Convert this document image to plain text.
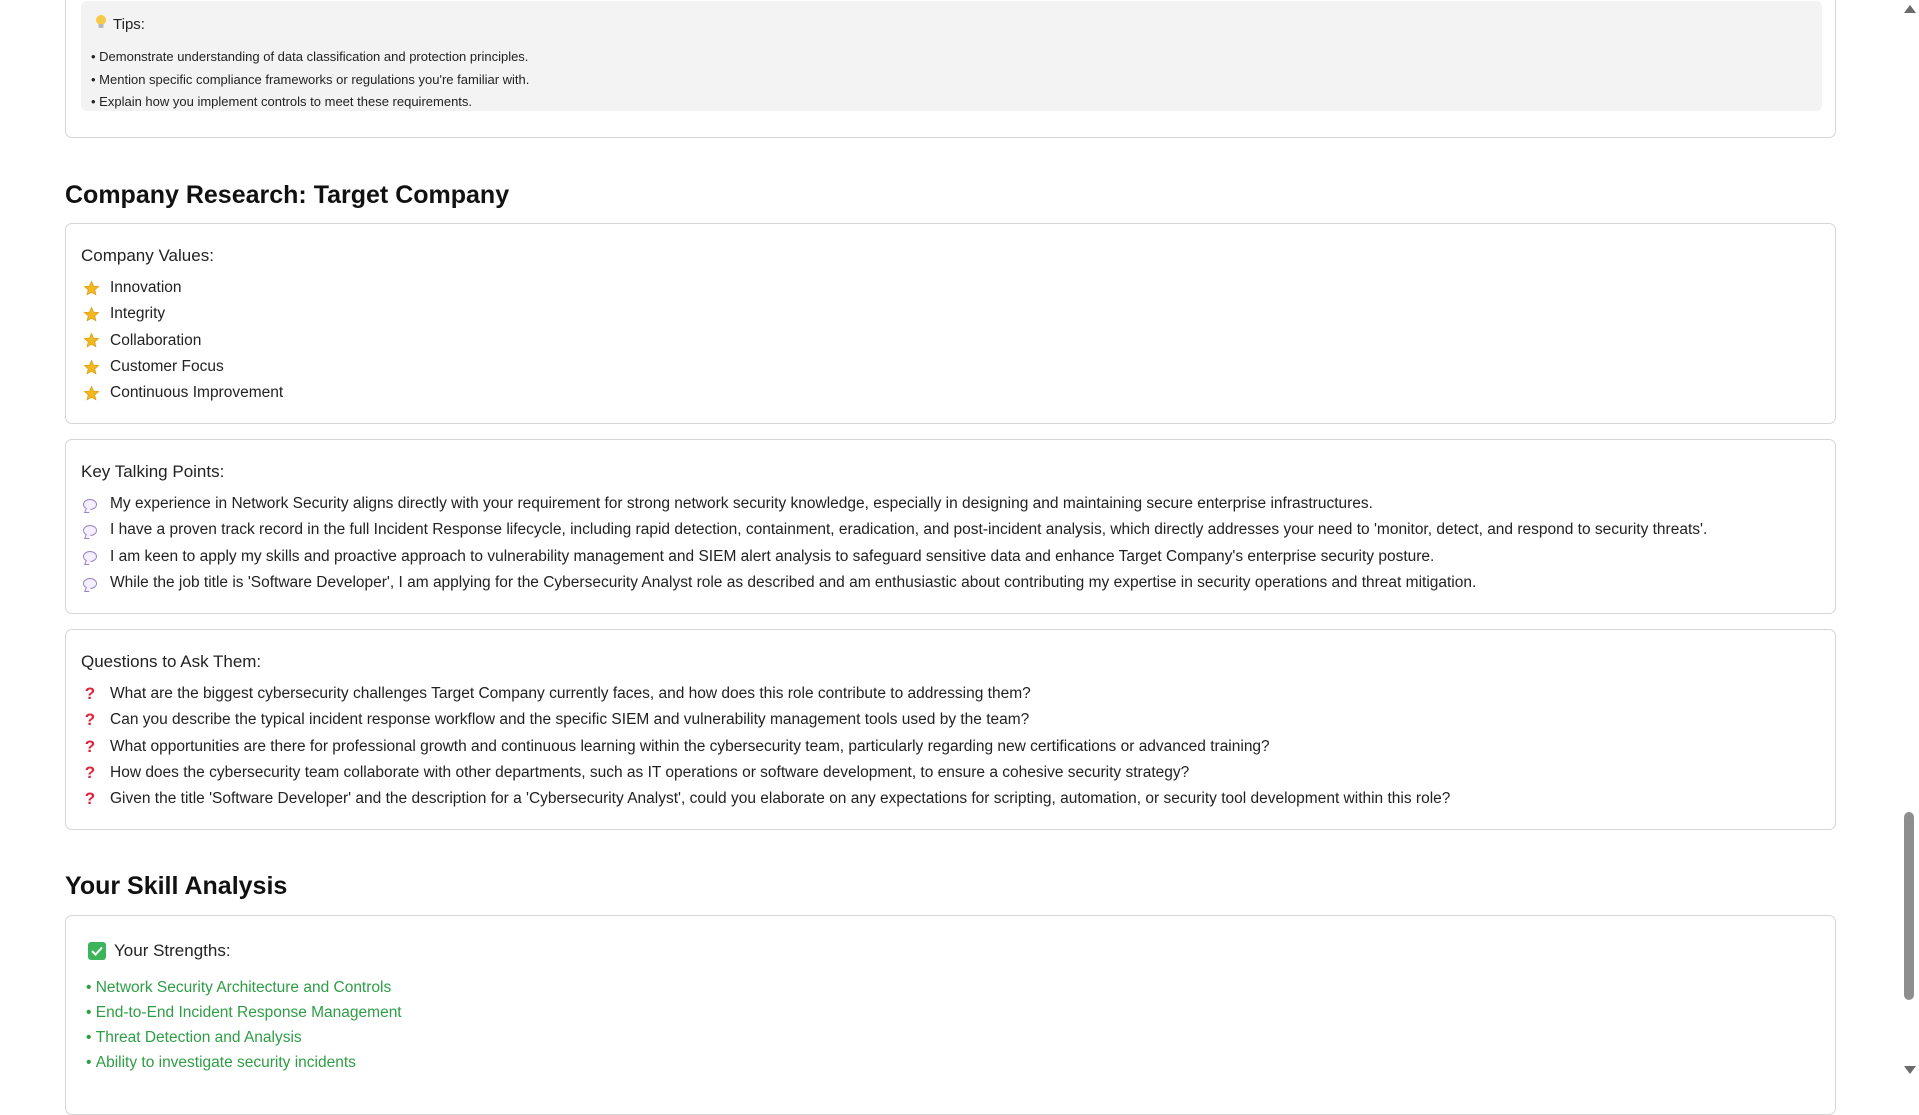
Tips:
• Demonstrate understanding of data classification and protection principles.
• Mention specific compliance frameworks or regulations you're familiar with.
• Explain how you implement controls to meet these requirements.
Company Research: Target Company
Company Values:
Innovation
Integrity
Collaboration
Customer Focus
Continuous Improvement
Key Talking Points:
My experience in Network Security aligns directly with your requirement for strong network security knowledge, especially in designing and maintaining secure enterprise infrastructures.
I have a proven track record in the full Incident Response lifecycle, including rapid detection, containment, eradication, and post-incident analysis, which directly addresses your need to 'monitor, detect, and respond to security threats'.
I am keen to apply my skills and proactive approach to vulnerability management and SIEM alert analysis to safeguard sensitive data and enhance Target Company's enterprise security posture.
While the job title is 'Software Developer', I am applying for the Cybersecurity Analyst role as described and am enthusiastic about contributing my expertise in security operations and threat mitigation.
Questions to Ask Them:
? What are the biggest cybersecurity challenges Target Company currently faces, and how does this role contribute to addressing them?
? Can you describe the typical incident response workflow and the specific SIEM and vulnerability management tools used by the team?
? What opportunities are there for professional growth and continuous learning within the cybersecurity team, particularly regarding new certifications or advanced training?
? How does the cybersecurity team collaborate with other departments, such as IT operations or software development, to ensure a cohesive security strategy?
? Given the title 'Software Developer' and the description for a 'Cybersecurity Analyst', could you elaborate on any expectations for scripting, automation, or security tool development within this role?
Your Skill Analysis
Your Strengths:
• Network Security Architecture and Controls
• End-to-End Incident Response Management
• Threat Detection and Analysis
• Ability to investigate security incidents
